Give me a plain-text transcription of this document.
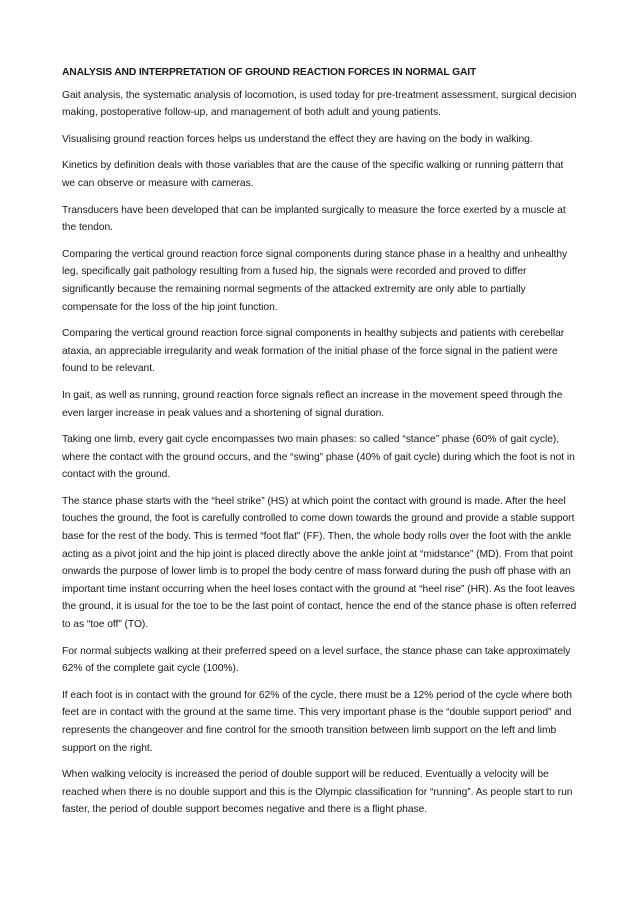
ANALYSIS AND INTERPRETATION OF GROUND REACTION FORCES IN NORMAL GAIT

Gait analysis, the systematic analysis of locomotion, is used today for pre-treatment assessment, surgical decision making, postoperative follow-up, and management of both adult and young patients.

Visualising ground reaction forces helps us understand the effect they are having on the body in walking.

Kinetics by definition deals with those variables that are the cause of the specific walking or running pattern that we can observe or measure with cameras.

Transducers have been developed that can be implanted surgically to measure the force exerted by a muscle at the tendon.

Comparing the vertical ground reaction force signal components during stance phase in a healthy and unhealthy leg, specifically gait pathology resulting from a fused hip, the signals were recorded and proved to differ significantly because the remaining normal segments of the attacked extremity are only able to partially compensate for the loss of the hip joint function.

Comparing the vertical ground reaction force signal components in healthy subjects and patients with cerebellar ataxia, an appreciable irregularity and weak formation of the initial phase of the force signal in the patient were found to be relevant.

In gait, as well as running, ground reaction force signals reflect an increase in the movement speed through the even larger increase in peak values and a shortening of signal duration.

Taking one limb, every gait cycle encompasses two main phases: so called “stance” phase (60% of gait cycle), where the contact with the ground occurs, and the “swing” phase (40% of gait cycle) during which the foot is not in contact with the ground.

The stance phase starts with the “heel strike” (HS) at which point the contact with ground is made. After the heel touches the ground, the foot is carefully controlled to come down towards the ground and provide a stable support base for the rest of the body. This is termed “foot flat” (FF). Then, the whole body rolls over the foot with the ankle acting as a pivot joint and the hip joint is placed directly above the ankle joint at “midstance” (MD). From that point onwards the purpose of lower limb is to propel the body centre of mass forward during the push off phase with an important time instant occurring when the heel loses contact with the ground at “heel rise” (HR). As the foot leaves the ground, it is usual for the toe to be the last point of contact, hence the end of the stance phase is often referred to as “toe off” (TO).

For normal subjects walking at their preferred speed on a level surface, the stance phase can take approximately 62% of the complete gait cycle (100%).

If each foot is in contact with the ground for 62% of the cycle, there must be a 12% period of the cycle where both feet are in contact with the ground at the same time. This very important phase is the “double support period” and represents the changeover and fine control for the smooth transition between limb support on the left and limb support on the right.

When walking velocity is increased the period of double support will be reduced. Eventually a velocity will be reached when there is no double support and this is the Olympic classification for “running”. As people start to run faster, the period of double support becomes negative and there is a flight phase.
